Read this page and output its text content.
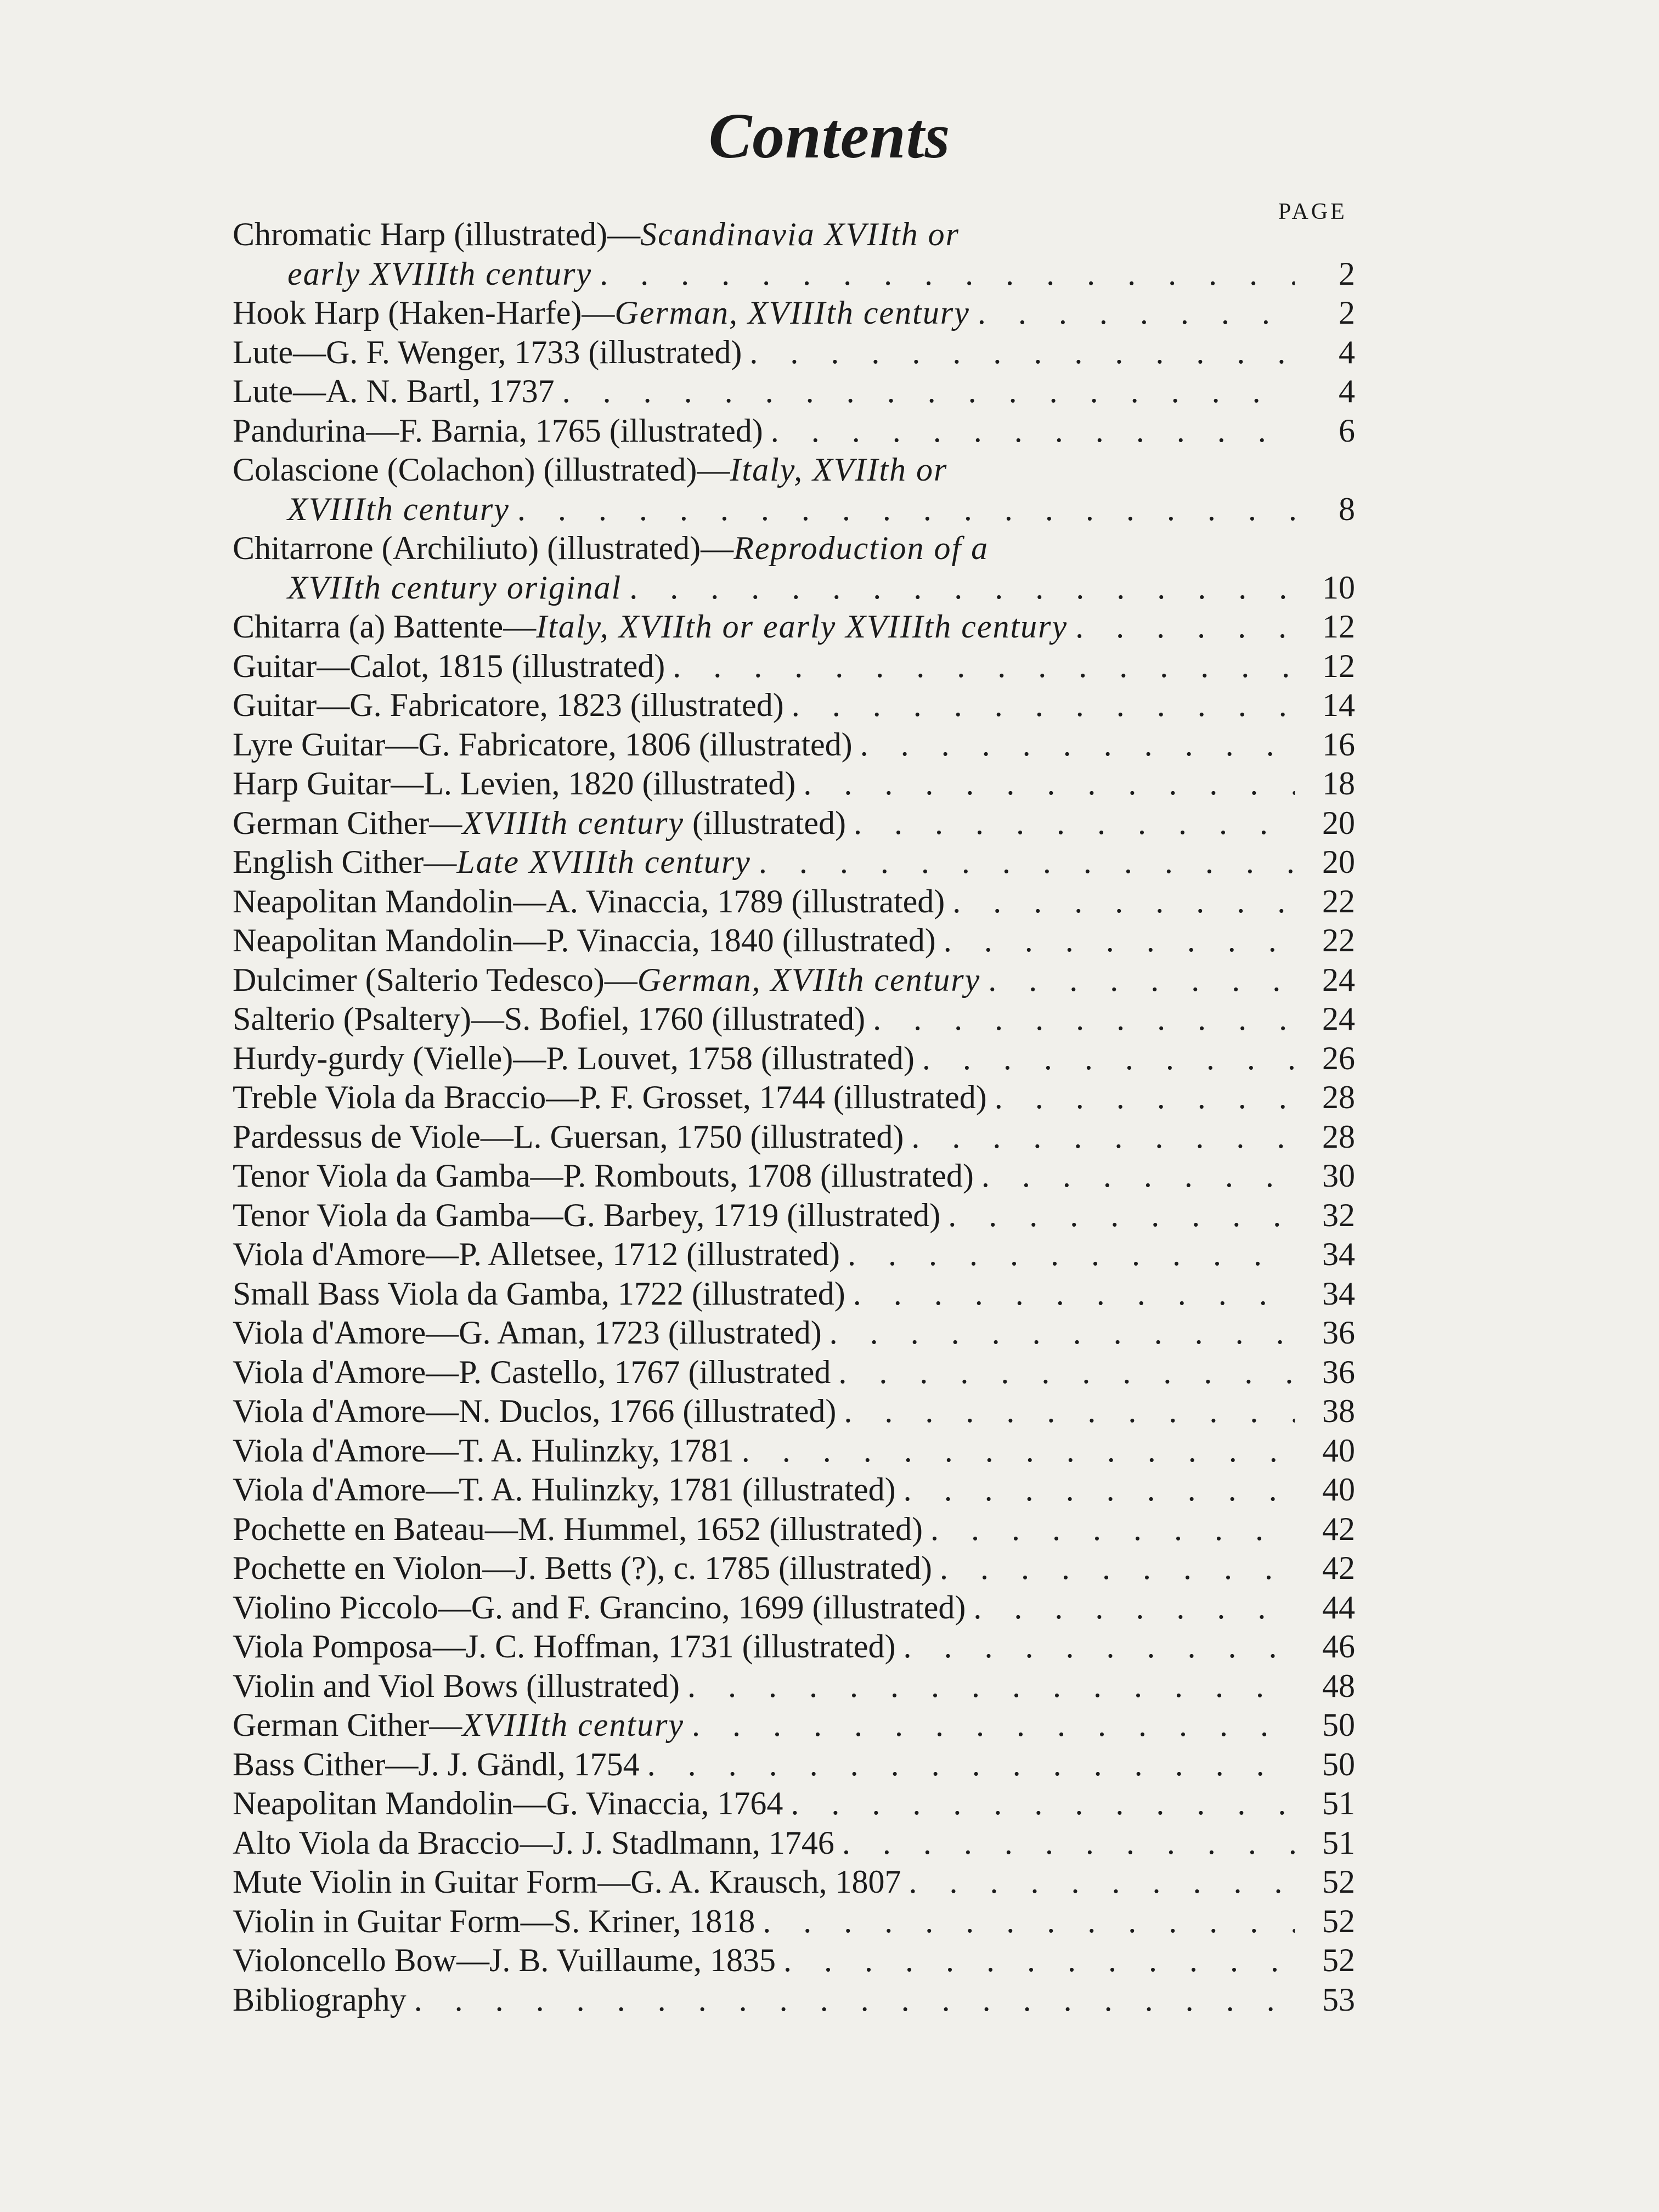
Contents
PAGE
Chromatic Harp (illustrated)—Scandinavia XVIIth or
early XVIIIth century . . .	2
Hook Harp (Haken-Harfe)—German, XVIIIth century . . .	2
Lute—G. F. Wenger, 1733 (illustrated) . . .	4
Lute—A. N. Bartl, 1737 . . .	4
Pandurina—F. Barnia, 1765 (illustrated) . . .	6
Colascione (Colachon) (illustrated)—Italy, XVIIth or
XVIIIth century . . .	8
Chitarrone (Archiliuto) (illustrated)—Reproduction of a
XVIIth century original . . .	10
Chitarra (a) Battente—Italy, XVIIth or early XVIIIth century . . .	12
Guitar—Calot, 1815 (illustrated) . . .	12
Guitar—G. Fabricatore, 1823 (illustrated) . . .	14
Lyre Guitar—G. Fabricatore, 1806 (illustrated) . . .	16
Harp Guitar—L. Levien, 1820 (illustrated) . . .	18
German Cither—XVIIIth century (illustrated) . . .	20
English Cither—Late XVIIIth century . . .	20
Neapolitan Mandolin—A. Vinaccia, 1789 (illustrated) . . .	22
Neapolitan Mandolin—P. Vinaccia, 1840 (illustrated) . . .	22
Dulcimer (Salterio Tedesco)—German, XVIIth century . . .	24
Salterio (Psaltery)—S. Bofiel, 1760 (illustrated) . . .	24
Hurdy-gurdy (Vielle)—P. Louvet, 1758 (illustrated) . . .	26
Treble Viola da Braccio—P. F. Grosset, 1744 (illustrated) . . .	28
Pardessus de Viole—L. Guersan, 1750 (illustrated) . . .	28
Tenor Viola da Gamba—P. Rombouts, 1708 (illustrated) . . .	30
Tenor Viola da Gamba—G. Barbey, 1719 (illustrated) . . .	32
Viola d'Amore—P. Alletsee, 1712 (illustrated) . . .	34
Small Bass Viola da Gamba, 1722 (illustrated) . . .	34
Viola d'Amore—G. Aman, 1723 (illustrated) . . .	36
Viola d'Amore—P. Castello, 1767 (illustrated . . .	36
Viola d'Amore—N. Duclos, 1766 (illustrated) . . .	38
Viola d'Amore—T. A. Hulinzky, 1781 . . .	40
Viola d'Amore—T. A. Hulinzky, 1781 (illustrated) . . .	40
Pochette en Bateau—M. Hummel, 1652 (illustrated) . . .	42
Pochette en Violon—J. Betts (?), c. 1785 (illustrated) . . .	42
Violino Piccolo—G. and F. Grancino, 1699 (illustrated) . . .	44
Viola Pomposa—J. C. Hoffman, 1731 (illustrated) . . .	46
Violin and Viol Bows (illustrated) . . .	48
German Cither—XVIIIth century . . .	50
Bass Cither—J. J. Gändl, 1754 . . .	50
Neapolitan Mandolin—G. Vinaccia, 1764 . . .	51
Alto Viola da Braccio—J. J. Stadlmann, 1746 . . .	51
Mute Violin in Guitar Form—G. A. Krausch, 1807 . . .	52
Violin in Guitar Form—S. Kriner, 1818 . . .	52
Violoncello Bow—J. B. Vuillaume, 1835 . . .	52
Bibliography . . .	53
